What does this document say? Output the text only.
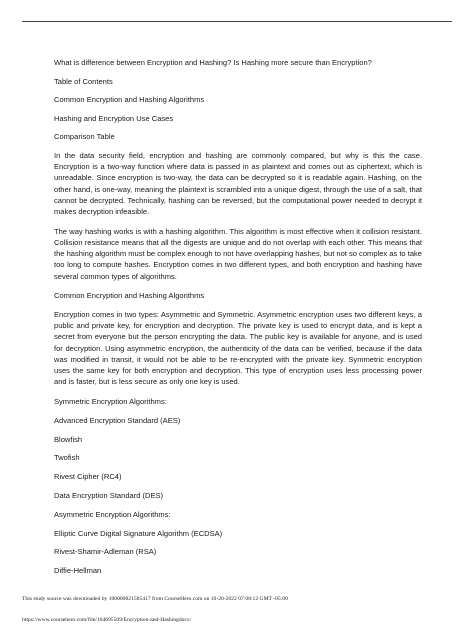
What is difference between Encryption and Hashing? Is Hashing more secure than Encryption?

Table of Contents

Common Encryption and Hashing Algorithms

Hashing and Encryption Use Cases

Comparison Table

In the data security field, encryption and hashing are commonly compared, but why is this the case. Encryption is a two-way function where data is passed in as plaintext and comes out as ciphertext, which is unreadable. Since encryption is two-way, the data can be decrypted so it is readable again. Hashing, on the other hand, is one-way, meaning the plaintext is scrambled into a unique digest, through the use of a salt, that cannot be decrypted. Technically, hashing can be reversed, but the computational power needed to decrypt it makes decryption infeasible.

The way hashing works is with a hashing algorithm. This algorithm is most effective when it collision resistant. Collision resistance means that all the digests are unique and do not overlap with each other. This means that the hashing algorithm must be complex enough to not have overlapping hashes, but not so complex as to take too long to compute hashes. Encryption comes in two different types, and both encryption and hashing have several common types of algorithms.

Common Encryption and Hashing Algorithms

Encryption comes in two types: Asymmetric and Symmetric. Asymmetric encryption uses two different keys, a public and private key, for encryption and decryption. The private key is used to encrypt data, and is kept a secret from everyone but the person encrypting the data. The public key is available for anyone, and is used for decryption. Using asymmetric encryption, the authenticity of the data can be verified, because if the data was modified in transit, it would not be able to be re-encrypted with the private key. Symmetric encryption uses the same key for both encryption and decryption. This type of encryption uses less processing power and is faster, but is less secure as only one key is used.

Symmetric Encryption Algorithms:

Advanced Encryption Standard (AES)

Blowfish

Twofish

Rivest Cipher (RC4)

Data Encryption Standard (DES)

Asymmetric Encryption Algorithms:

Elliptic Curve Digital Signature Algorithm (ECDSA)

Rivest-Shamir-Adleman (RSA)

Diffie-Hellman

This study source was downloaded by 100000821585417 from CourseHero.com on 10-20-2022 07:08:12 GMT -05:00
https://www.coursehero.com/file/164695509/Encryption-and-Hashingdocx/
